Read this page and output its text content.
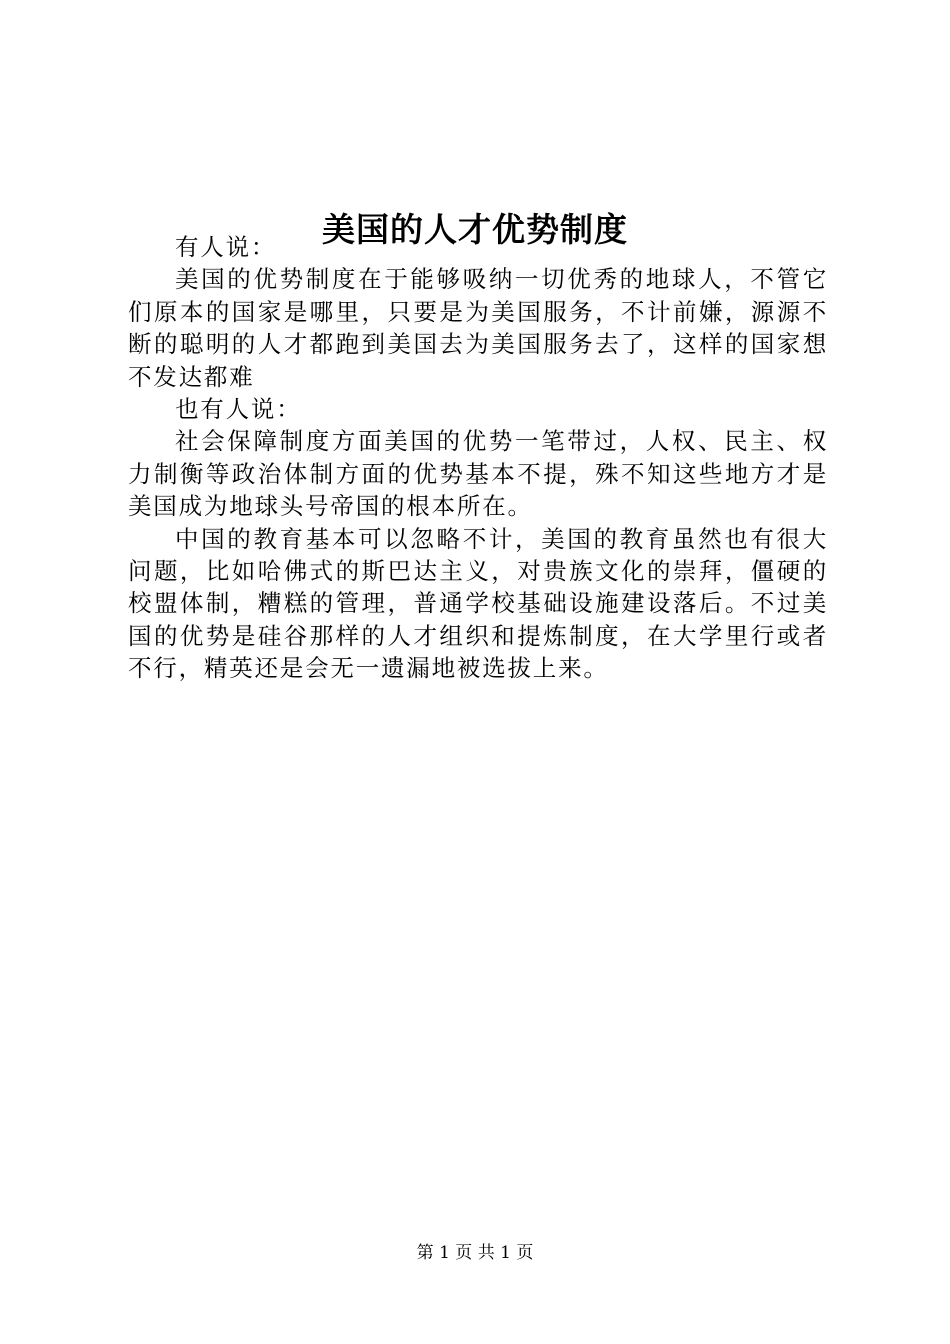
美国的人才优势制度

有人说：

美国的优势制度在于能够吸纳一切优秀的地球人，不管它们原本的国家是哪里，只要是为美国服务，不计前嫌，源源不断的聪明的人才都跑到美国去为美国服务去了，这样的国家想不发达都难

也有人说：

社会保障制度方面美国的优势一笔带过，人权、民主、权力制衡等政治体制方面的优势基本不提，殊不知这些地方才是美国成为地球头号帝国的根本所在。

中国的教育基本可以忽略不计，美国的教育虽然也有很大问题，比如哈佛式的斯巴达主义，对贵族文化的崇拜，僵硬的校盟体制，糟糕的管理，普通学校基础设施建设落后。不过美国的优势是硅谷那样的人才组织和提炼制度，在大学里行或者不行，精英还是会无一遗漏地被选拔上来。

第 1 页 共 1 页
